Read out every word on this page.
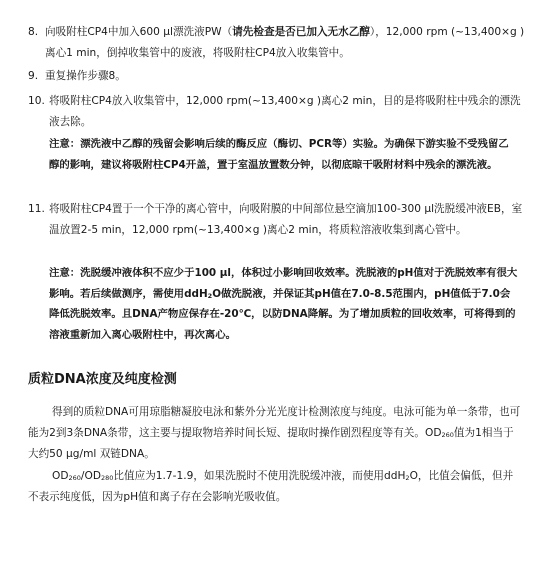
8. 向吸附柱CP4中加入600 μl漂洗液PW（请先检查是否已加入无水乙醇），12,000 rpm (~13,400×g )离心1 min，倒掉收集管中的废液，将吸附柱CP4放入收集管中。
9. 重复操作步骤8。
10. 将吸附柱CP4放入收集管中，12,000 rpm(~13,400×g )离心2 min，目的是将吸附柱中残余的漂洗液去除。
注意：漂洗液中乙醇的残留会影响后续的酶反应（酶切、PCR等）实验。为确保下游实验不受残留乙醇的影响，建议将吸附柱CP4开盖，置于室温放置数分钟，以彻底晾干吸附材料中残余的漂洗液。
11. 将吸附柱CP4置于一个干净的离心管中，向吸附膜的中间部位悬空滴加100-300 μl洗脱缓冲液EB，室温放置2-5 min，12,000 rpm(~13,400×g )离心2 min，将质粒溶液收集到离心管中。
注意：洗脱缓冲液体积不应少于100 μl，体积过小影响回收效率。洗脱液的pH值对于洗脱效率有很大影响。若后续做测序，需使用ddH$_2$O做洗脱液，并保证其pH值在7.0-8.5范围内，pH值低于7.0会降低洗脱效率。且DNA产物应保存在-20℃，以防DNA降解。为了增加质粒的回收效率，可将得到的溶液重新加入离心吸附柱中，再次离心。
质粒DNA浓度及纯度检测
得到的质粒DNA可用琼脂糖凝胶电泳和紫外分光光度计检测浓度与纯度。电泳可能为单一条带，也可能为2到3条DNA条带，这主要与提取物培养时间长短、提取时操作剧烈程度等有关。$OD_{260}$值为1相当于大约50 μg/ml 双链DNA。
$OD_{260}/OD_{280}$比值应为1.7-1.9，如果洗脱时不使用洗脱缓冲液，而使用ddH$_2$O，比值会偏低，但并不表示纯度低，因为pH值和离子存在会影响光吸收值。
